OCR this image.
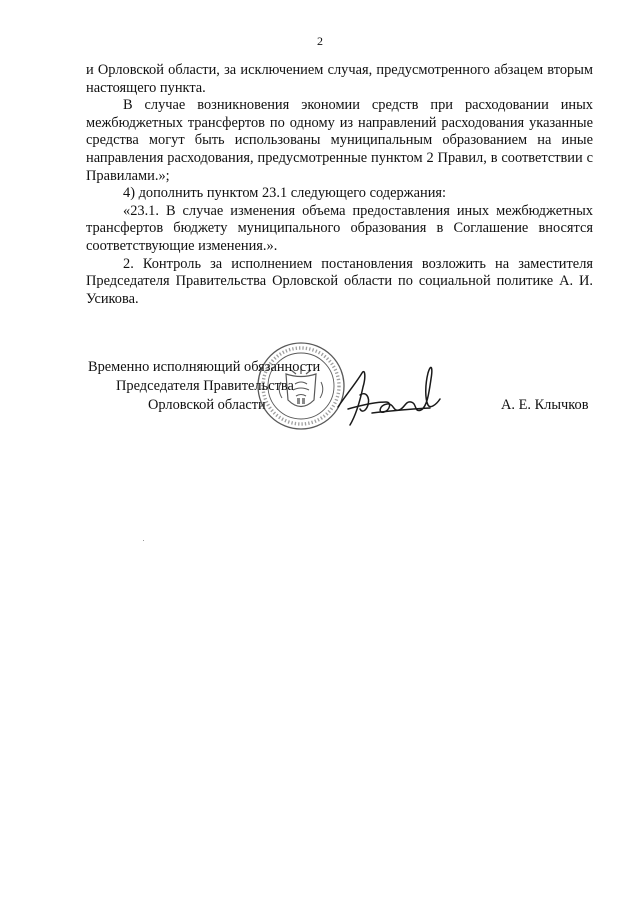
2

и Орловской области, за исключением случая, предусмотренного абзацем вторым настоящего пункта.

В случае возникновения экономии средств при расходовании иных межбюджетных трансфертов по одному из направлений расходования указанные средства могут быть использованы муниципальным образованием на иные направления расходования, предусмотренные пунктом 2 Правил, в соответствии с Правилами.»;

4) дополнить пунктом 23.1 следующего содержания:

«23.1. В случае изменения объема предоставления иных межбюджетных трансфертов бюджету муниципального образования в Соглашение вносятся соответствующие изменения.».

2. Контроль за исполнением постановления возложить на заместителя Председателя Правительства Орловской области по социальной политике А. И. Усикова.

Временно исполняющий обязанности
Председателя Правительства
Орловской области	А. Е. Клычков
